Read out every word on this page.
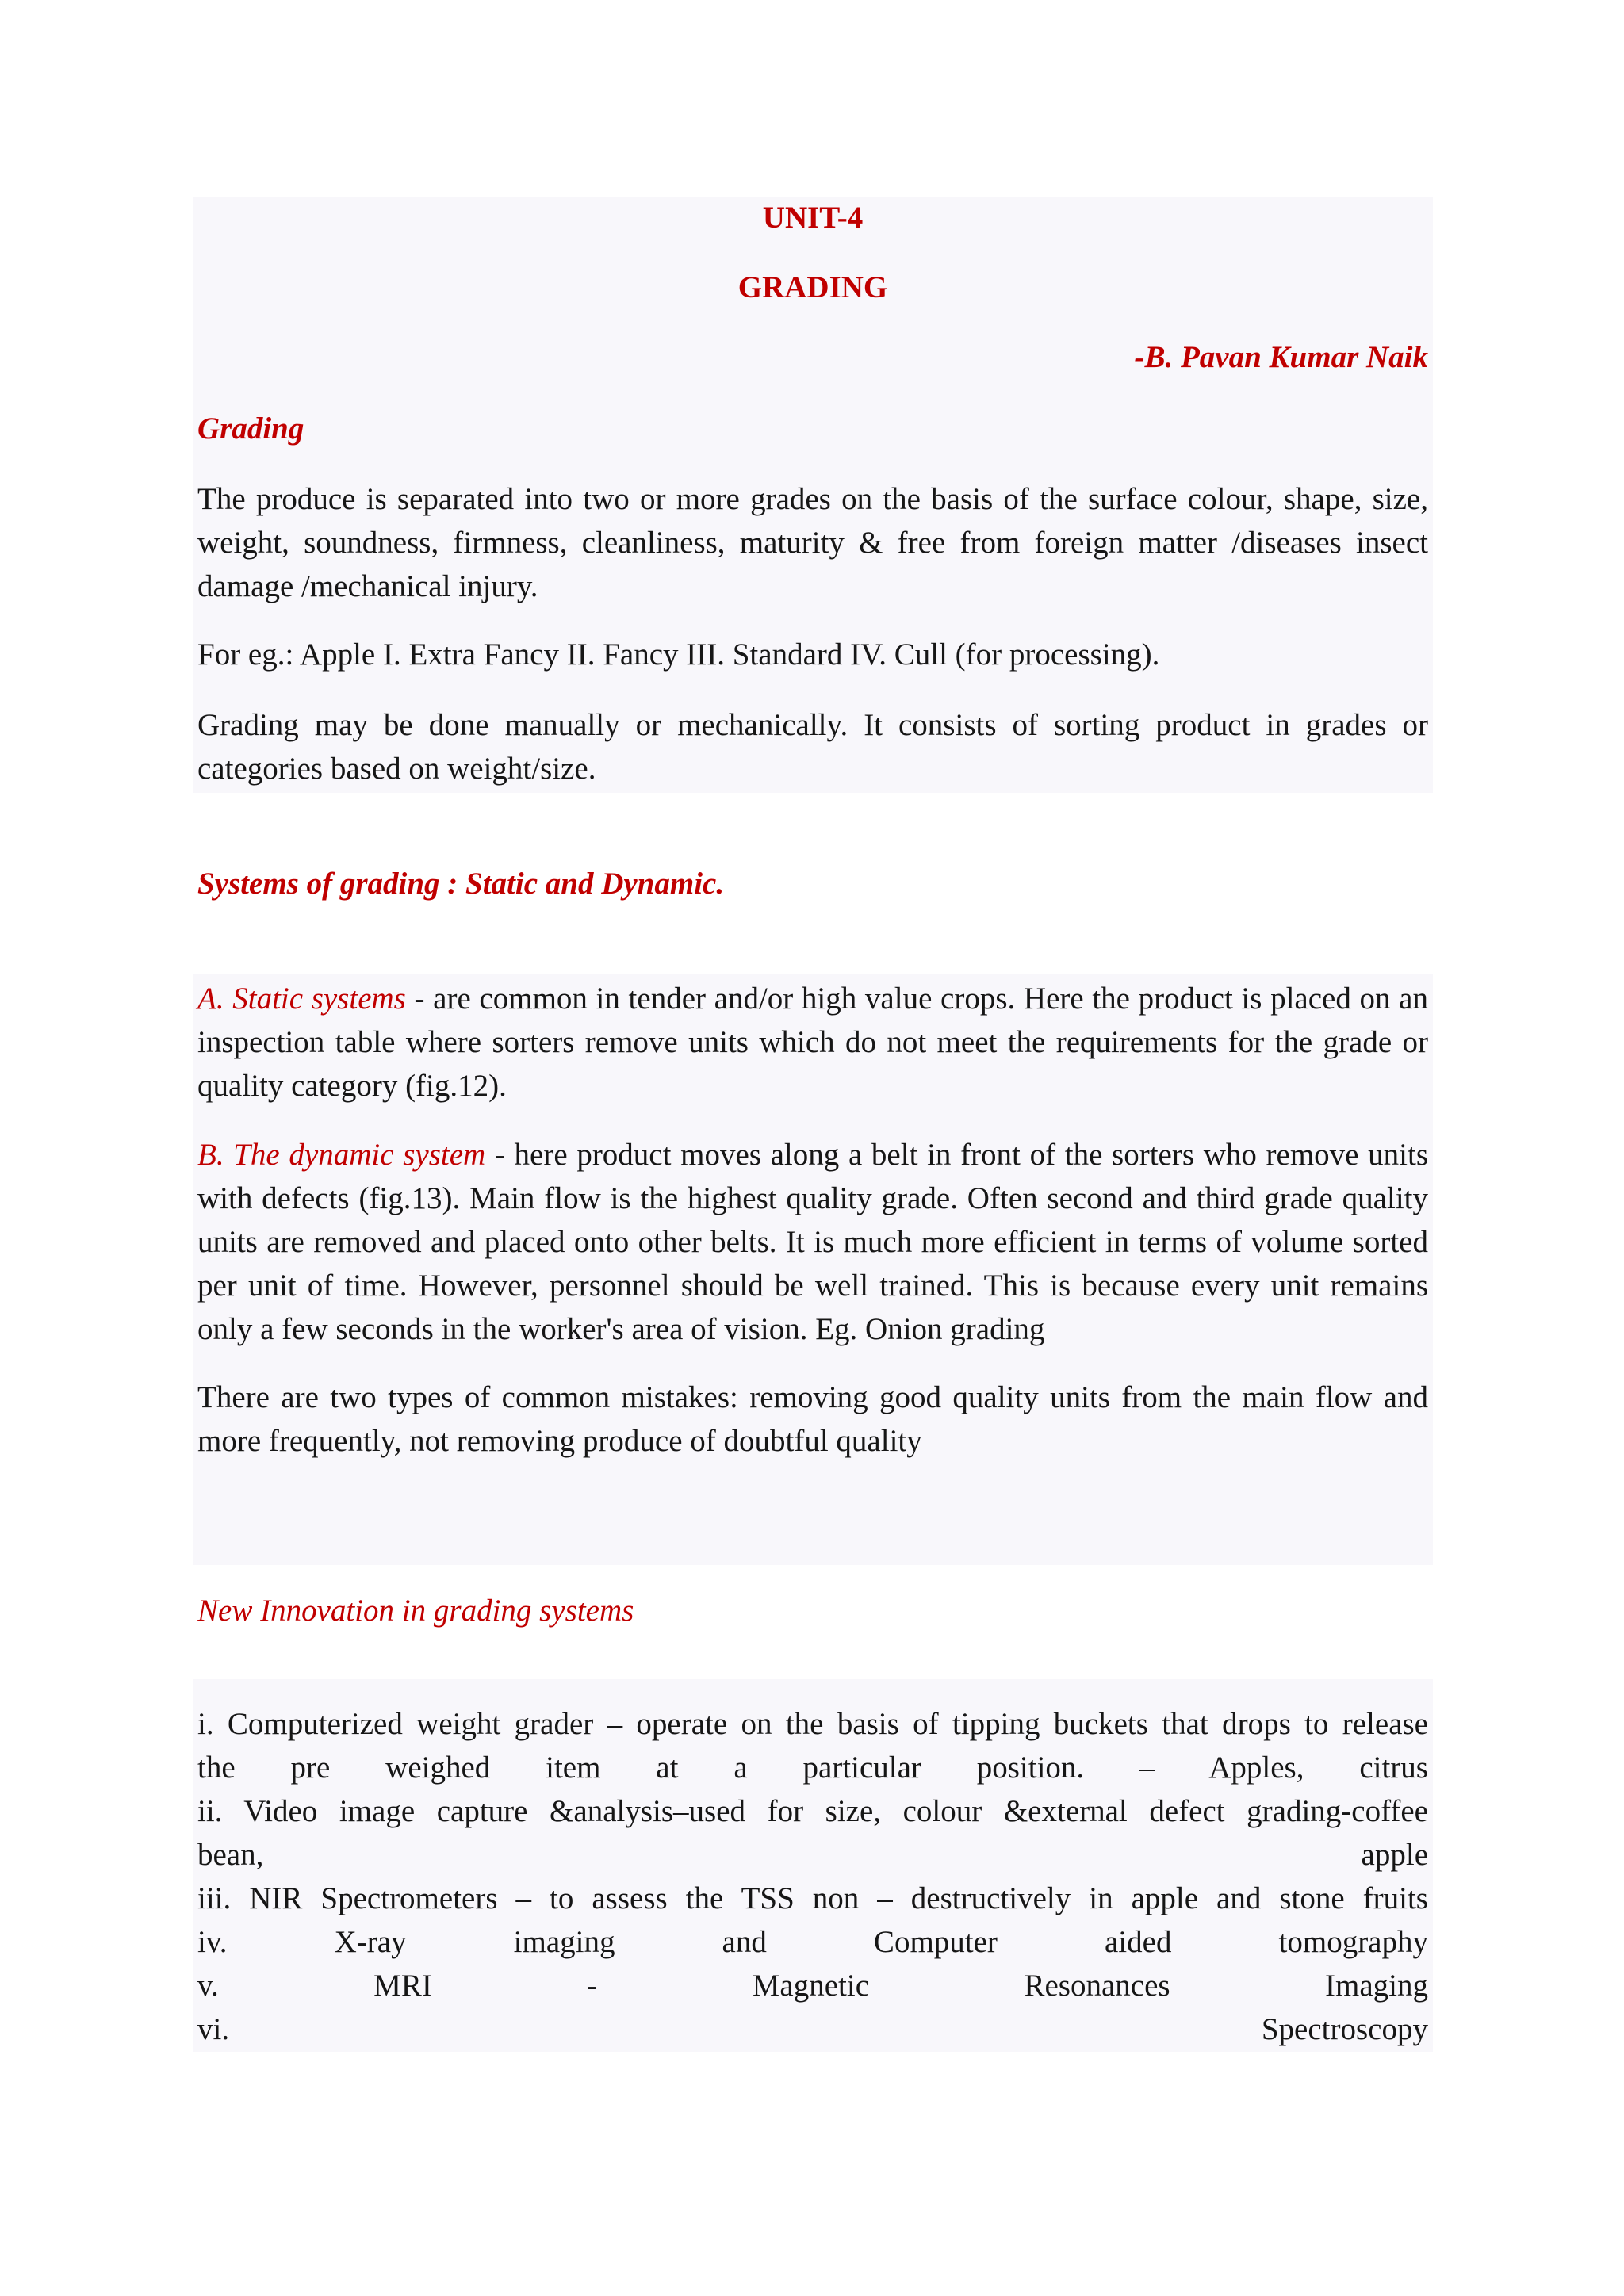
UNIT-4
GRADING
-B. Pavan Kumar Naik
Grading

The produce is separated into two or more grades on the basis of the surface colour, shape, size, weight, soundness, firmness, cleanliness, maturity & free from foreign matter /diseases insect damage /mechanical injury.

For eg.: Apple I. Extra Fancy II. Fancy III. Standard IV. Cull (for processing).

Grading may be done manually or mechanically. It consists of sorting product in grades or categories based on weight/size.

Systems of grading : Static and Dynamic.

A. Static systems - are common in tender and/or high value crops. Here the product is placed on an inspection table where sorters remove units which do not meet the requirements for the grade or quality category (fig.12).

B. The dynamic system - here product moves along a belt in front of the sorters who remove units with defects (fig.13). Main flow is the highest quality grade. Often second and third grade quality units are removed and placed onto other belts. It is much more efficient in terms of volume sorted per unit of time. However, personnel should be well trained. This is because every unit remains only a few seconds in the worker's area of vision. Eg. Onion grading

There are two types of common mistakes: removing good quality units from the main flow and more frequently, not removing produce of doubtful quality

New Innovation in grading systems
i. Computerized weight grader – operate on the basis of tipping buckets that drops to release
the pre weighed item at a particular position. – Apples, citrus
ii. Video image capture &analysis–used for size, colour &external defect grading-coffee
bean, apple
iii. NIR Spectrometers – to assess the TSS non – destructively in apple and stone fruits
iv. X-ray imaging and Computer aided tomography
v. MRI - Magnetic Resonances Imaging
vi. Spectroscopy
